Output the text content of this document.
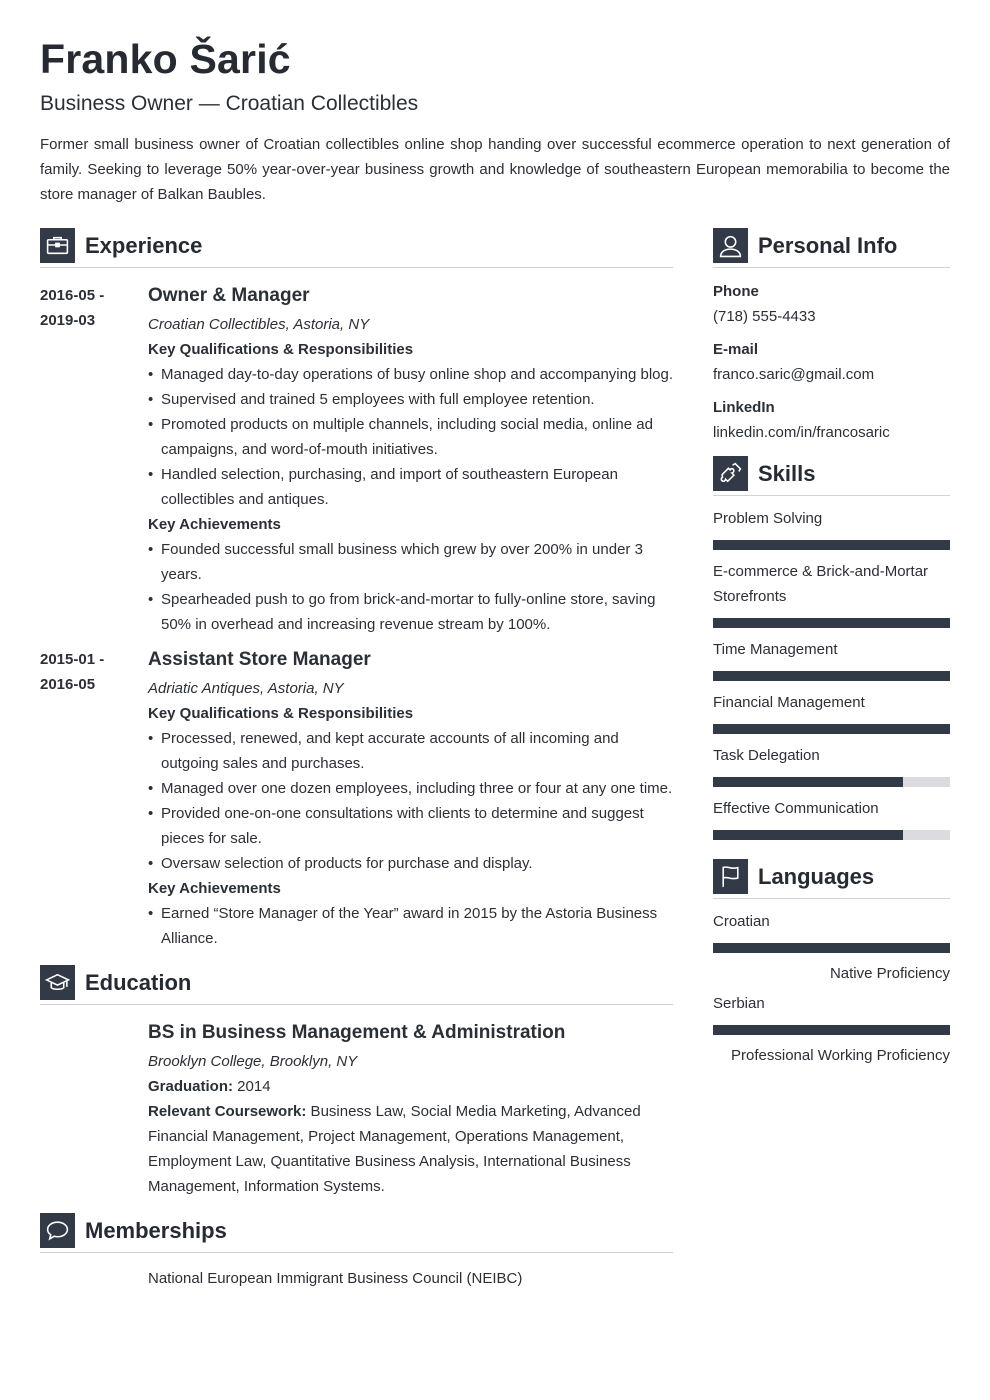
Franko Šarić
Business Owner — Croatian Collectibles
Former small business owner of Croatian collectibles online shop handing over successful ecommerce operation to next generation of family. Seeking to leverage 50% year-over-year business growth and knowledge of southeastern European memorabilia to become the store manager of Balkan Baubles.
Experience
2016-05 -
2019-03
Owner & Manager
Croatian Collectibles, Astoria, NY
Key Qualifications & Responsibilities
• Managed day-to-day operations of busy online shop and accompanying blog.
• Supervised and trained 5 employees with full employee retention.
• Promoted products on multiple channels, including social media, online ad campaigns, and word-of-mouth initiatives.
• Handled selection, purchasing, and import of southeastern European collectibles and antiques.
Key Achievements
• Founded successful small business which grew by over 200% in under 3 years.
• Spearheaded push to go from brick-and-mortar to fully-online store, saving 50% in overhead and increasing revenue stream by 100%.
2015-01 -
2016-05
Assistant Store Manager
Adriatic Antiques, Astoria, NY
Key Qualifications & Responsibilities
• Processed, renewed, and kept accurate accounts of all incoming and outgoing sales and purchases.
• Managed over one dozen employees, including three or four at any one time.
• Provided one-on-one consultations with clients to determine and suggest pieces for sale.
• Oversaw selection of products for purchase and display.
Key Achievements
• Earned “Store Manager of the Year” award in 2015 by the Astoria Business Alliance.
Education
BS in Business Management & Administration
Brooklyn College, Brooklyn, NY
Graduation: 2014
Relevant Coursework: Business Law, Social Media Marketing, Advanced Financial Management, Project Management, Operations Management, Employment Law, Quantitative Business Analysis, International Business Management, Information Systems.
Memberships
National European Immigrant Business Council (NEIBC)
Personal Info
Phone
(718) 555-4433
E-mail
franco.saric@gmail.com
LinkedIn
linkedin.com/in/francosaric
Skills
Problem Solving
E-commerce & Brick-and-Mortar Storefronts
Time Management
Financial Management
Task Delegation
Effective Communication
Languages
Croatian
Native Proficiency
Serbian
Professional Working Proficiency
